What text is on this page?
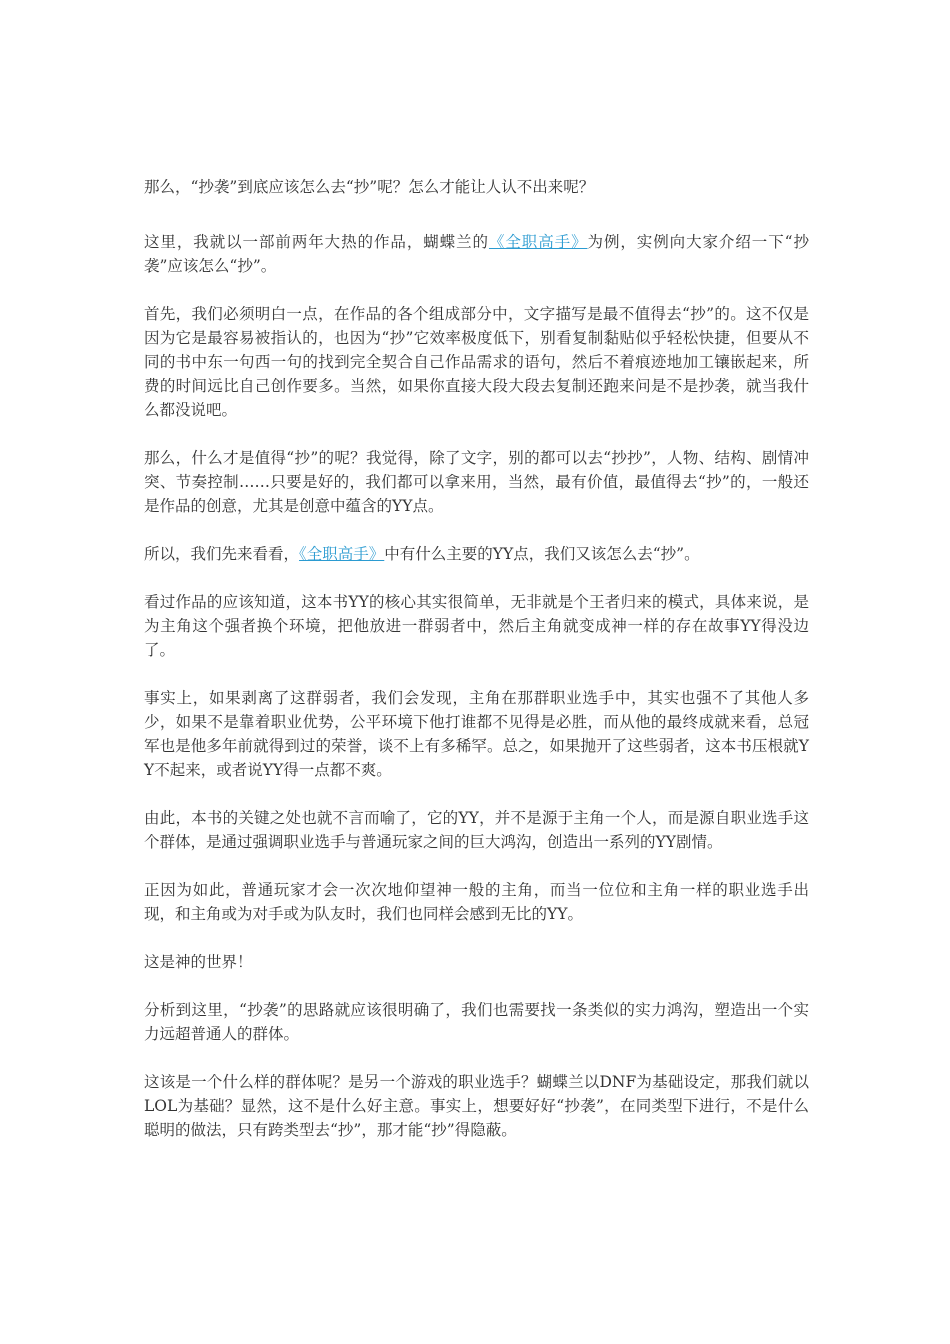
那么，“抄袭”到底应该怎么去“抄”呢？怎么才能让人认不出来呢？

这里，我就以一部前两年大热的作品，蝴蝶兰的《全职高手》为例，实例向大家介绍一下“抄袭”应该怎么“抄”。

首先，我们必须明白一点，在作品的各个组成部分中，文字描写是最不值得去“抄”的。这不仅是因为它是最容易被指认的，也因为“抄”它效率极度低下，别看复制黏贴似乎轻松快捷，但要从不同的书中东一句西一句的找到完全契合自己作品需求的语句，然后不着痕迹地加工镶嵌起来，所费的时间远比自己创作要多。当然，如果你直接大段大段去复制还跑来问是不是抄袭，就当我什么都没说吧。

那么，什么才是值得“抄”的呢？我觉得，除了文字，别的都可以去“抄抄”，人物、结构、剧情冲突、节奏控制……只要是好的，我们都可以拿来用，当然，最有价值，最值得去“抄”的，一般还是作品的创意，尤其是创意中蕴含的YY点。

所以，我们先来看看，《全职高手》中有什么主要的YY点，我们又该怎么去“抄”。

看过作品的应该知道，这本书YY的核心其实很简单，无非就是个王者归来的模式，具体来说，是为主角这个强者换个环境，把他放进一群弱者中，然后主角就变成神一样的存在故事YY得没边了。

事实上，如果剥离了这群弱者，我们会发现，主角在那群职业选手中，其实也强不了其他人多少，如果不是靠着职业优势，公平环境下他打谁都不见得是必胜，而从他的最终成就来看，总冠军也是他多年前就得到过的荣誉，谈不上有多稀罕。总之，如果抛开了这些弱者，这本书压根就YY不起来，或者说YY得一点都不爽。

由此，本书的关键之处也就不言而喻了，它的YY，并不是源于主角一个人，而是源自职业选手这个群体，是通过强调职业选手与普通玩家之间的巨大鸿沟，创造出一系列的YY剧情。

正因为如此，普通玩家才会一次次地仰望神一般的主角，而当一位位和主角一样的职业选手出现，和主角或为对手或为队友时，我们也同样会感到无比的YY。

这是神的世界！

分析到这里，“抄袭”的思路就应该很明确了，我们也需要找一条类似的实力鸿沟，塑造出一个实力远超普通人的群体。

这该是一个什么样的群体呢？是另一个游戏的职业选手？蝴蝶兰以DNF为基础设定，那我们就以LOL为基础？显然，这不是什么好主意。事实上，想要好好“抄袭”，在同类型下进行，不是什么聪明的做法，只有跨类型去“抄”，那才能“抄”得隐蔽。
